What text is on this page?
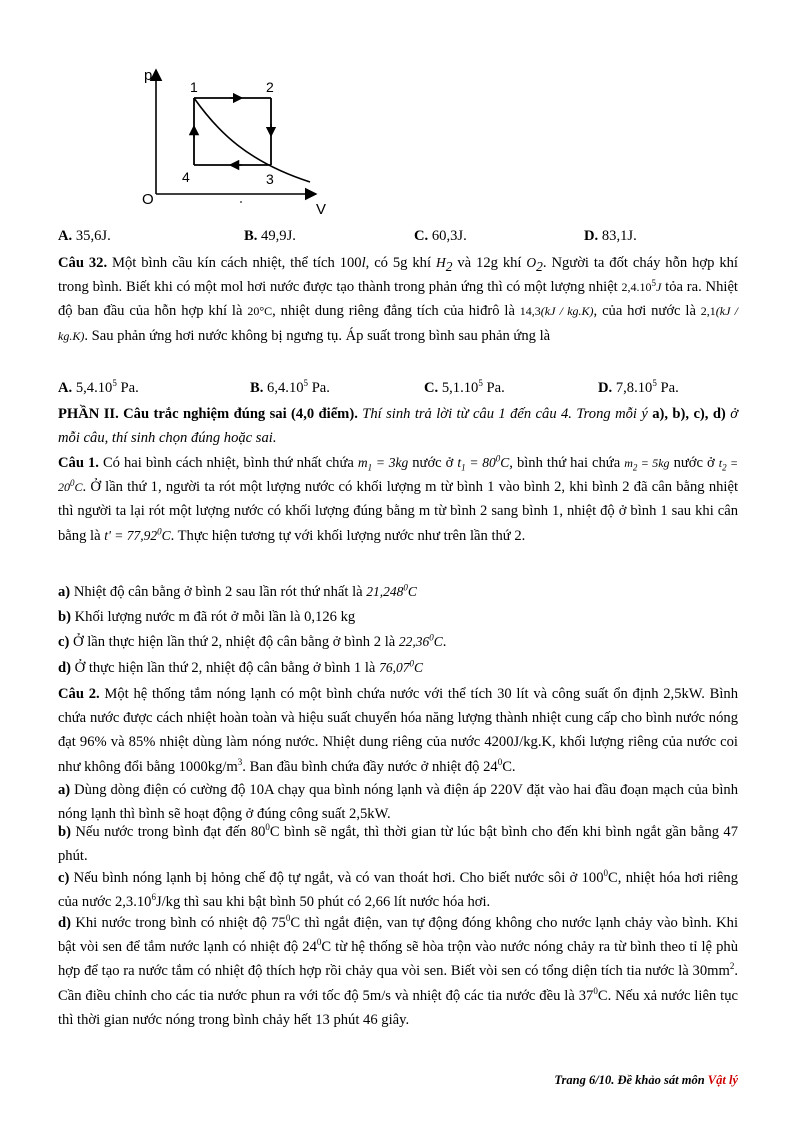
p
V
O
1	2
3
4
A. 35,6J.	B. 49,9J.	C. 60,3J.	D. 83,1J.

Câu 32. Một bình cầu kín cách nhiệt, thể tích 100l, có 5g khí $H_2$ và 12g khí $O_2$. Người ta đốt cháy hỗn hợp khí trong bình. Biết khi có một mol hơi nước được tạo thành trong phản ứng thì có một lượng nhiệt 2,4.10$^5$J tỏa ra. Nhiệt độ ban đầu của hỗn hợp khí là 20°C, nhiệt dung riêng đẳng tích của hiđrô là 14,3(kJ / kg.K), của hơi nước là 2,1(kJ / kg.K). Sau phản ứng hơi nước không bị ngưng tụ. Áp suất trong bình sau phản ứng là

A. 5,4.10$^5$ Pa.	B. 6,4.10$^5$ Pa.	C. 5,1.10$^5$ Pa.	D. 7,8.10$^5$ Pa.

PHẦN II. Câu trắc nghiệm đúng sai (4,0 điểm). Thí sinh trả lời từ câu 1 đến câu 4. Trong mỗi ý a), b), c), d) ở mỗi câu, thí sinh chọn đúng hoặc sai.

Câu 1. Có hai bình cách nhiệt, bình thứ nhất chứa $m_1 = 3kg$ nước ở $t_1 = 80^0C$, bình thứ hai chứa $m_2 = 5kg$ nước ở $t_2 = 20^0C$. Ở lần thứ 1, người ta rót một lượng nước có khối lượng m từ bình 1 vào bình 2, khi bình 2 đã cân bằng nhiệt thì người ta lại rót một lượng nước có khối lượng đúng bằng m từ bình 2 sang bình 1, nhiệt độ ở bình 1 sau khi cân bằng là $t' = 77,92^0C$. Thực hiện tương tự với khối lượng nước như trên lần thứ 2.

a) Nhiệt độ cân bằng ở bình 2 sau lần rót thứ nhất là 21,248$^0$C

b) Khối lượng nước m đã rót ở mỗi lần là 0,126 kg

c) Ở lần thực hiện lần thứ 2, nhiệt độ cân bằng ở bình 2 là 22,36$^0$C.

d) Ở thực hiện lần thứ 2, nhiệt độ cân bằng ở bình 1 là 76,07$^0$C

Câu 2. Một hệ thống tắm nóng lạnh có một bình chứa nước với thể tích 30 lít và công suất ổn định 2,5kW. Bình chứa nước được cách nhiệt hoàn toàn và hiệu suất chuyển hóa năng lượng thành nhiệt cung cấp cho bình nước nóng đạt 96% và 85% nhiệt dùng làm nóng nước. Nhiệt dung riêng của nước 4200J/kg.K, khối lượng riêng của nước coi như không đổi bằng $1000kg/m^3$. Ban đầu bình chứa đầy nước ở nhiệt độ $24^0C$.

a) Dùng dòng điện có cường độ 10A chạy qua bình nóng lạnh và điện áp 220V đặt vào hai đầu đoạn mạch của bình nóng lạnh thì bình sẽ hoạt động ở đúng công suất 2,5kW.

b) Nếu nước trong bình đạt đến $80^0C$ bình sẽ ngắt, thì thời gian từ lúc bật bình cho đến khi bình ngắt gần bằng 47 phút.

c) Nếu bình nóng lạnh bị hỏng chế độ tự ngắt, và có van thoát hơi. Cho biết nước sôi ở $100^0C$, nhiệt hóa hơi riêng của nước 2,3.10$^6$J/kg thì sau khi bật bình 50 phút có 2,66 lít nước hóa hơi.

d) Khi nước trong bình có nhiệt độ $75^0C$ thì ngắt điện, van tự động đóng không cho nước lạnh chảy vào bình. Khi bật vòi sen để tắm nước lạnh có nhiệt độ $24^0C$ từ hệ thống sẽ hòa trộn vào nước nóng chảy ra từ bình theo tỉ lệ phù hợp để tạo ra nước tắm có nhiệt độ thích hợp rồi chảy qua vòi sen. Biết vòi sen có tổng diện tích tia nước là $30mm^2$. Cần điều chỉnh cho các tia nước phun ra với tốc độ 5m/s và nhiệt độ các tia nước đều là $37^0C$. Nếu xả nước liên tục thì thời gian nước nóng trong bình chảy hết 13 phút 46 giây.

Trang 6/10. Đề khảo sát môn Vật lý
